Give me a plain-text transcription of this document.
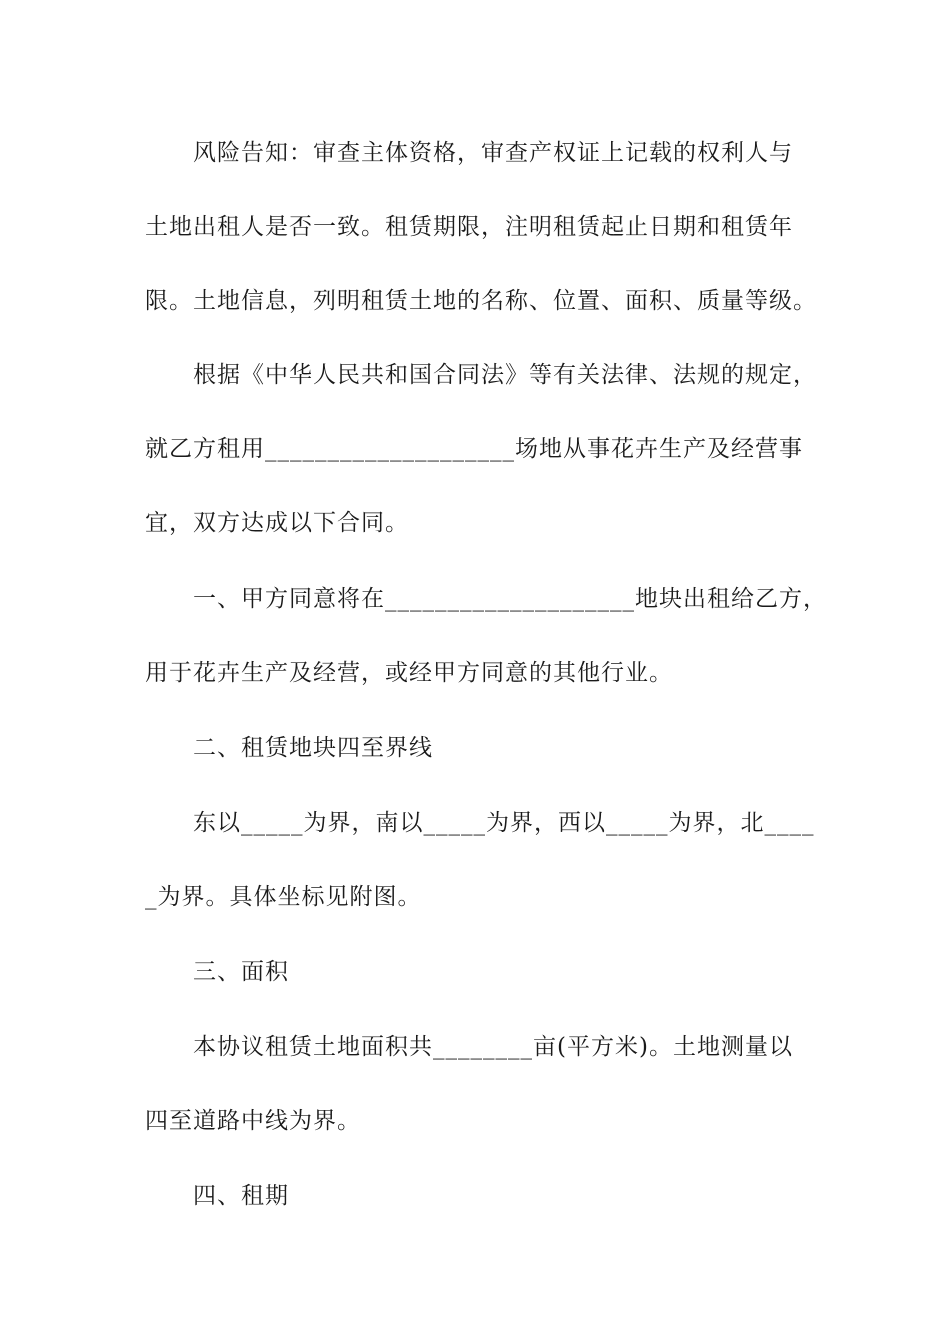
风险告知：审查主体资格，审查产权证上记载的权利人与
土地出租人是否一致。租赁期限，注明租赁起止日期和租赁年
限。土地信息，列明租赁土地的名称、位置、面积、质量等级。
根据《中华人民共和国合同法》等有关法律、法规的规定，
就乙方租用____________________场地从事花卉生产及经营事
宜，双方达成以下合同。
一、甲方同意将在____________________地块出租给乙方，
用于花卉生产及经营，或经甲方同意的其他行业。
二、租赁地块四至界线
东以_____为界，南以_____为界，西以_____为界，北____
_为界。具体坐标见附图。
三、面积
本协议租赁土地面积共________亩(平方米)。土地测量以
四至道路中线为界。
四、租期
